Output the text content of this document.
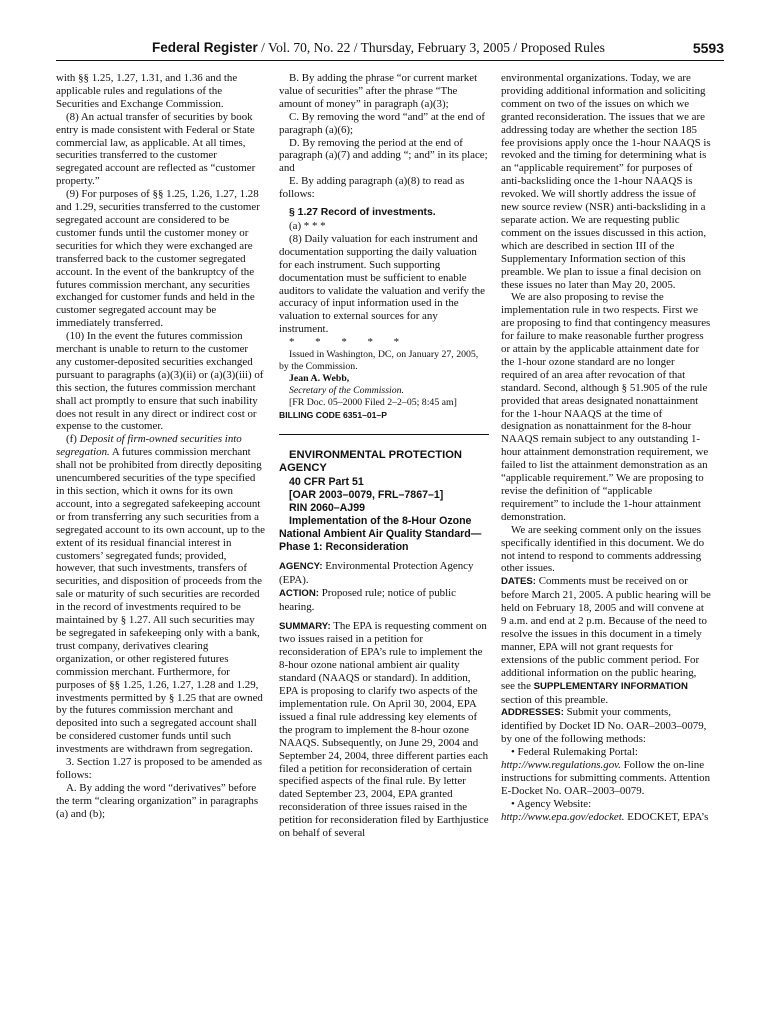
Federal Register / Vol. 70, No. 22 / Thursday, February 3, 2005 / Proposed Rules	5593

with §§ 1.25, 1.27, 1.31, and 1.36 and the applicable rules and regulations of the Securities and Exchange Commission.

(8) An actual transfer of securities by book entry is made consistent with Federal or State commercial law, as applicable. At all times, securities transferred to the customer segregated account are reflected as “customer property.”

(9) For purposes of §§ 1.25, 1.26, 1.27, 1.28 and 1.29, securities transferred to the customer segregated account are considered to be customer funds until the customer money or securities for which they were exchanged are transferred back to the customer segregated account. In the event of the bankruptcy of the futures commission merchant, any securities exchanged for customer funds and held in the customer segregated account may be immediately transferred.

(10) In the event the futures commission merchant is unable to return to the customer any customer-deposited securities exchanged pursuant to paragraphs (a)(3)(ii) or (a)(3)(iii) of this section, the futures commission merchant shall act promptly to ensure that such inability does not result in any direct or indirect cost or expense to the customer.

(f) Deposit of firm-owned securities into segregation. A futures commission merchant shall not be prohibited from directly depositing unencumbered securities of the type specified in this section, which it owns for its own account, into a segregated safekeeping account or from transferring any such securities from a segregated account to its own account, up to the extent of its residual financial interest in customers’ segregated funds; provided, however, that such investments, transfers of securities, and disposition of proceeds from the sale or maturity of such securities are recorded in the record of investments required to be maintained by § 1.27. All such securities may be segregated in safekeeping only with a bank, trust company, derivatives clearing organization, or other registered futures commission merchant. Furthermore, for purposes of §§ 1.25, 1.26, 1.27, 1.28 and 1.29, investments permitted by § 1.25 that are owned by the futures commission merchant and deposited into such a segregated account shall be considered customer funds until such investments are withdrawn from segregation.

3. Section 1.27 is proposed to be amended as follows:

A. By adding the word “derivatives” before the term “clearing organization” in paragraphs (a) and (b);

B. By adding the phrase “or current market value of securities” after the phrase “The amount of money” in paragraph (a)(3);

C. By removing the word “and” at the end of paragraph (a)(6);

D. By removing the period at the end of paragraph (a)(7) and adding “; and” in its place; and

E. By adding paragraph (a)(8) to read as follows:

§ 1.27 Record of investments.

(a) * * *

(8) Daily valuation for each instrument and documentation supporting the daily valuation for each instrument. Such supporting documentation must be sufficient to enable auditors to validate the valuation and verify the accuracy of input information used in the valuation to external sources for any instrument.

* * * * *

Issued in Washington, DC, on January 27, 2005, by the Commission.

Jean A. Webb,

Secretary of the Commission.

[FR Doc. 05–2000 Filed 2–2–05; 8:45 am]

BILLING CODE 6351–01–P

ENVIRONMENTAL PROTECTION AGENCY

40 CFR Part 51

[OAR 2003–0079, FRL–7867–1]

RIN 2060–AJ99

Implementation of the 8-Hour Ozone National Ambient Air Quality Standard—Phase 1: Reconsideration

AGENCY: Environmental Protection Agency (EPA).

ACTION: Proposed rule; notice of public hearing.

SUMMARY: The EPA is requesting comment on two issues raised in a petition for reconsideration of EPA’s rule to implement the 8-hour ozone national ambient air quality standard (NAAQS or standard). In addition, EPA is proposing to clarify two aspects of the implementation rule. On April 30, 2004, EPA issued a final rule addressing key elements of the program to implement the 8-hour ozone NAAQS. Subsequently, on June 29, 2004 and September 24, 2004, three different parties each filed a petition for reconsideration of certain specified aspects of the final rule. By letter dated September 23, 2004, EPA granted reconsideration of three issues raised in the petition for reconsideration filed by Earthjustice on behalf of several

environmental organizations. Today, we are providing additional information and soliciting comment on two of the issues on which we granted reconsideration. The issues that we are addressing today are whether the section 185 fee provisions apply once the 1-hour NAAQS is revoked and the timing for determining what is an “applicable requirement” for purposes of anti-backsliding once the 1-hour NAAQS is revoked. We will shortly address the issue of new source review (NSR) anti-backsliding in a separate action. We are requesting public comment on the issues discussed in this action, which are described in section III of the Supplementary Information section of this preamble. We plan to issue a final decision on these issues no later than May 20, 2005.

We are also proposing to revise the implementation rule in two respects. First we are proposing to find that contingency measures for failure to make reasonable further progress or attain by the applicable attainment date for the 1-hour ozone standard are no longer required of an area after revocation of that standard. Second, although § 51.905 of the rule provided that areas designated nonattainment for the 1-hour NAAQS at the time of designation as nonattainment for the 8-hour NAAQS remain subject to any outstanding 1-hour attainment demonstration requirement, we failed to list the attainment demonstration as an “applicable requirement.” We are proposing to revise the definition of “applicable requirement” to include the 1-hour attainment demonstration.

We are seeking comment only on the issues specifically identified in this document. We do not intend to respond to comments addressing other issues.

DATES: Comments must be received on or before March 21, 2005. A public hearing will be held on February 18, 2005 and will convene at 9 a.m. and end at 2 p.m. Because of the need to resolve the issues in this document in a timely manner, EPA will not grant requests for extensions of the public comment period. For additional information on the public hearing, see the SUPPLEMENTARY INFORMATION section of this preamble.

ADDRESSES: Submit your comments, identified by Docket ID No. OAR–2003–0079, by one of the following methods:

• Federal Rulemaking Portal: http://www.regulations.gov. Follow the on-line instructions for submitting comments. Attention E-Docket No. OAR–2003–0079.

• Agency Website: http://www.epa.gov/edocket. EDOCKET, EPA’s
